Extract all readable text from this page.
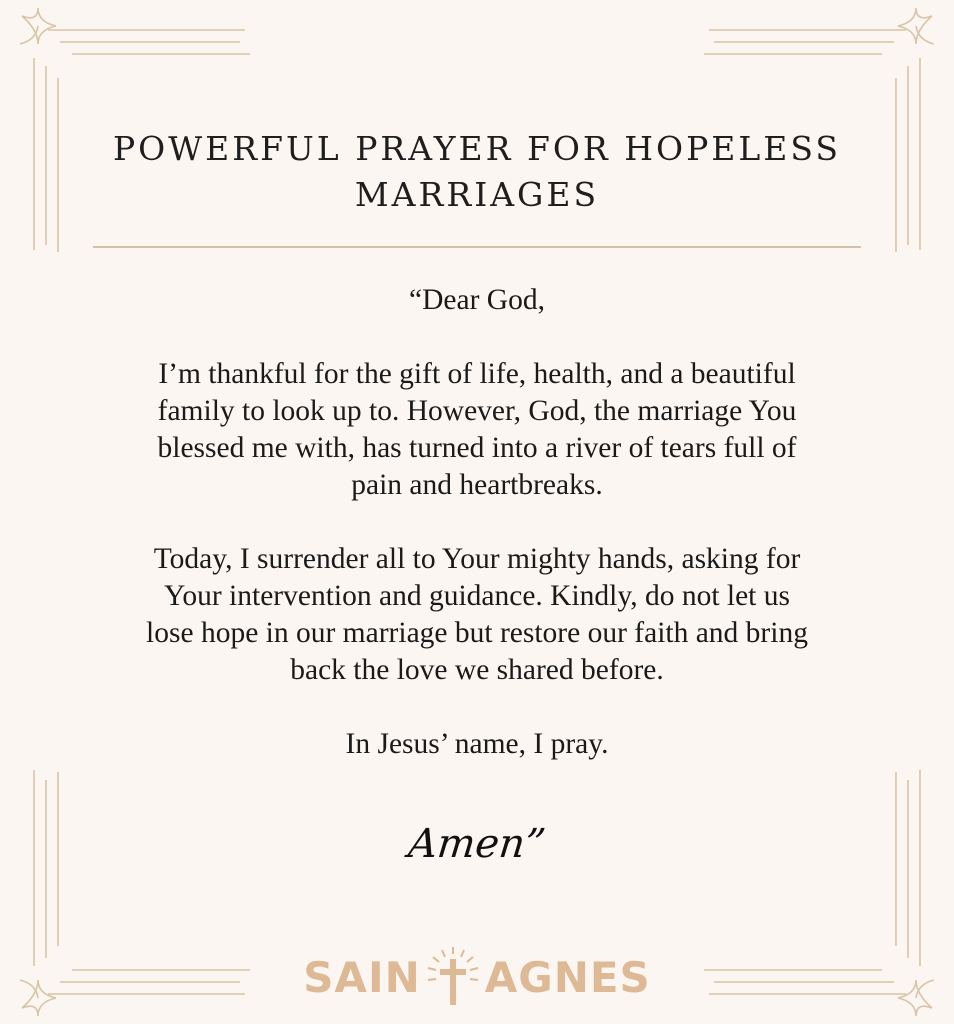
POWERFUL PRAYER FOR HOPELESS
MARRIAGES

“Dear God,

I’m thankful for the gift of life, health, and a beautiful
family to look up to. However, God, the marriage You
blessed me with, has turned into a river of tears full of
pain and heartbreaks.

Today, I surrender all to Your mighty hands, asking for
Your intervention and guidance. Kindly, do not let us
lose hope in our marriage but restore our faith and bring
back the love we shared before.

In Jesus’ name, I pray.

Amen”
SAIN AGNES
